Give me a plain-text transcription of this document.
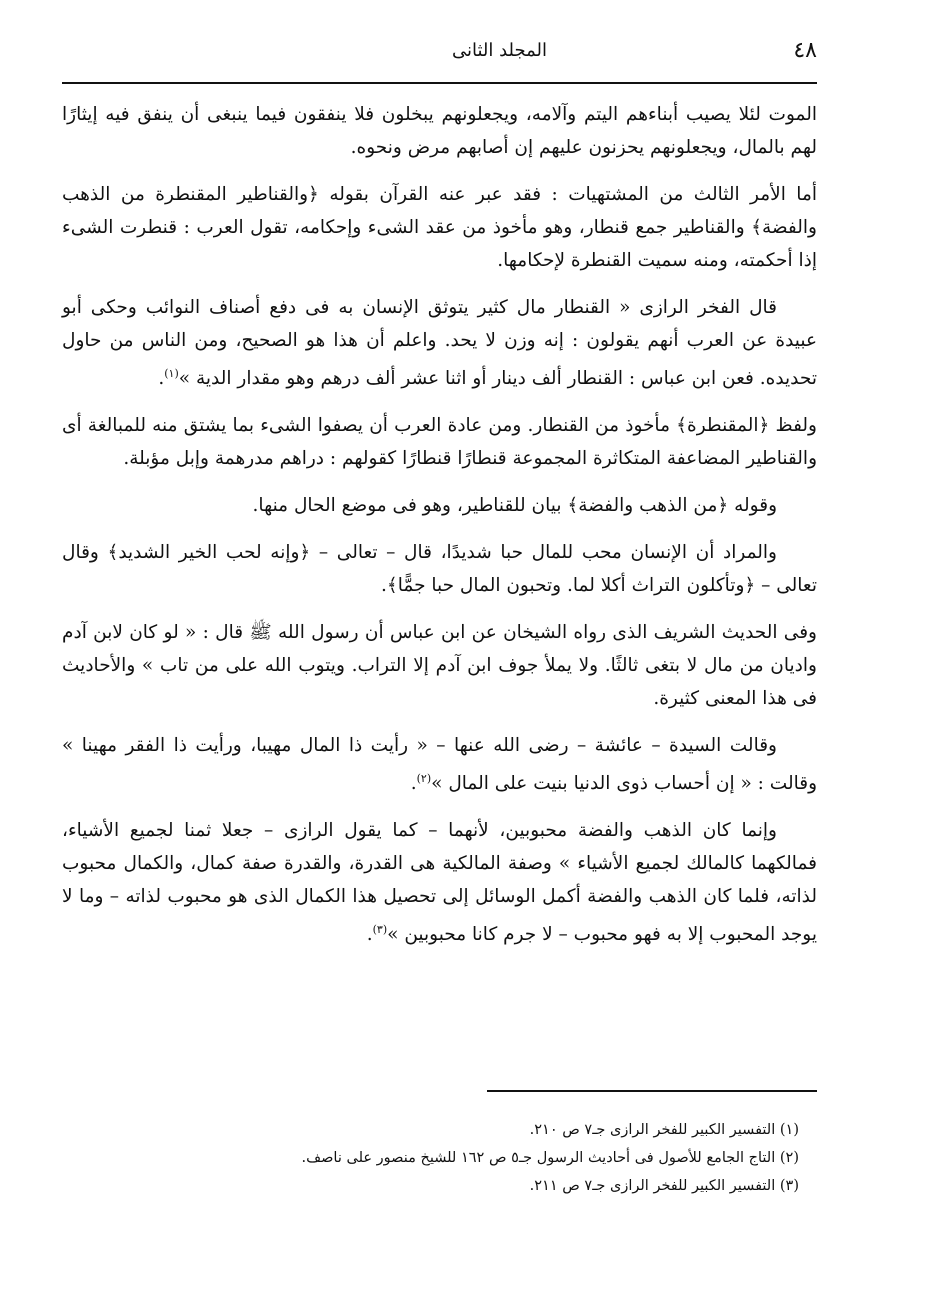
٤٨
المجلد الثانى

الموت لئلا يصيب أبناءهم اليتم وآلامه، ويجعلونهم يبخلون فلا ينفقون فيما ينبغى أن ينفق فيه إيثارًا لهم بالمال، ويجعلونهم يحزنون عليهم إن أصابهم مرض ونحوه.

أما الأمر الثالث من المشتهيات : فقد عبر عنه القرآن بقوله ﴿والقناطير المقنطرة من الذهب والفضة﴾ والقناطير جمع قنطار، وهو مأخوذ من عقد الشىء وإحكامه، تقول العرب : قنطرت الشىء إذا أحكمته، ومنه سميت القنطرة لإحكامها.

قال الفخر الرازى « القنطار مال كثير يتوثق الإنسان به فى دفع أصناف النوائب وحكى أبو عبيدة عن العرب أنهم يقولون : إنه وزن لا يحد. واعلم أن هذا هو الصحيح، ومن الناس من حاول تحديده. فعن ابن عباس : القنطار ألف دينار أو اثنا عشر ألف درهم وهو مقدار الدية »$^{(١)}$.

ولفظ ﴿المقنطرة﴾ مأخوذ من القنطار. ومن عادة العرب أن يصفوا الشىء بما يشتق منه للمبالغة أى والقناطير المضاعفة المتكاثرة المجموعة قنطارًا قنطارًا كقولهم : دراهم مدرهمة وإبل مؤبلة.

وقوله ﴿من الذهب والفضة﴾ بيان للقناطير، وهو فى موضع الحال منها.

والمراد أن الإنسان محب للمال حبا شديدًا، قال – تعالى – ﴿وإنه لحب الخير الشديد﴾ وقال تعالى – ﴿وتأكلون التراث أكلا لما. وتحبون المال حبا جمًّا﴾.

وفى الحديث الشريف الذى رواه الشيخان عن ابن عباس أن رسول الله ﷺ قال : « لو كان لابن آدم واديان من مال لا بتغى ثالثًا. ولا يملأ جوف ابن آدم إلا التراب. ويتوب الله على من تاب » والأحاديث فى هذا المعنى كثيرة.

وقالت السيدة – عائشة – رضى الله عنها – « رأيت ذا المال مهيبا، ورأيت ذا الفقر مهينا » وقالت : « إن أحساب ذوى الدنيا بنيت على المال »$^{(٢)}$.

وإنما كان الذهب والفضة محبوبين، لأنهما – كما يقول الرازى – جعلا ثمنا لجميع الأشياء، فمالكهما كالمالك لجميع الأشياء » وصفة المالكية هى القدرة، والقدرة صفة كمال، والكمال محبوب لذاته، فلما كان الذهب والفضة أكمل الوسائل إلى تحصيل هذا الكمال الذى هو محبوب لذاته – وما لا يوجد المحبوب إلا به فهو محبوب – لا جرم كانا محبوبين »$^{(٣)}$.

(١) التفسير الكبير للفخر الرازى جـ٧ ص ٢١٠.
(٢) التاج الجامع للأصول فى أحاديث الرسول جـ٥ ص ١٦٢ للشيخ منصور على ناصف.
(٣) التفسير الكبير للفخر الرازى جـ٧ ص ٢١١.
